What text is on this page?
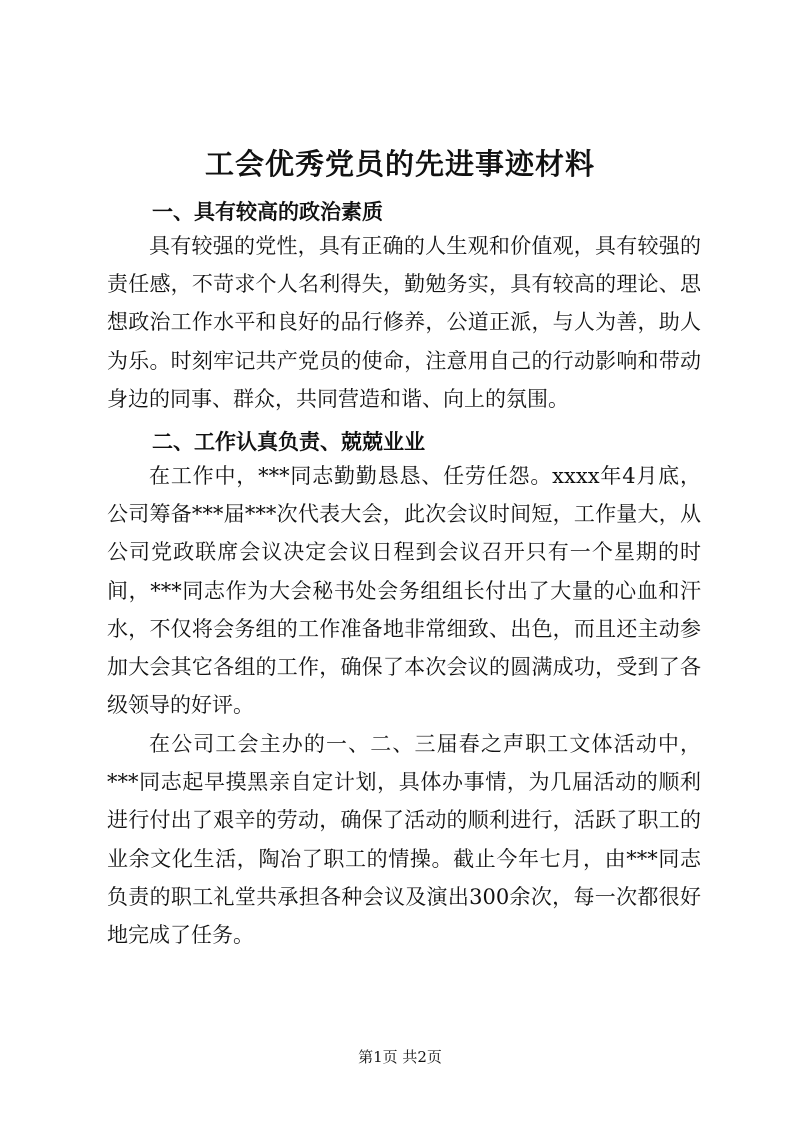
工会优秀党员的先进事迹材料
一、具有较高的政治素质

具有较强的党性，具有正确的人生观和价值观，具有较强的责任感，不苛求个人名利得失，勤勉务实，具有较高的理论、思想政治工作水平和良好的品行修养，公道正派，与人为善，助人为乐。时刻牢记共产党员的使命，注意用自己的行动影响和带动身边的同事、群众，共同营造和谐、向上的氛围。

二、工作认真负责、兢兢业业

在工作中，***同志勤勤恳恳、任劳任怨。xxxx年4月底，公司筹备***届***次代表大会，此次会议时间短，工作量大，从公司党政联席会议决定会议日程到会议召开只有一个星期的时间，***同志作为大会秘书处会务组组长付出了大量的心血和汗水，不仅将会务组的工作准备地非常细致、出色，而且还主动参加大会其它各组的工作，确保了本次会议的圆满成功，受到了各级领导的好评。

在公司工会主办的一、二、三届春之声职工文体活动中，***同志起早摸黑亲自定计划，具体办事情，为几届活动的顺利进行付出了艰辛的劳动，确保了活动的顺利进行，活跃了职工的业余文化生活，陶冶了职工的情操。截止今年七月，由***同志负责的职工礼堂共承担各种会议及演出300余次，每一次都很好地完成了任务。

第1页 共2页
